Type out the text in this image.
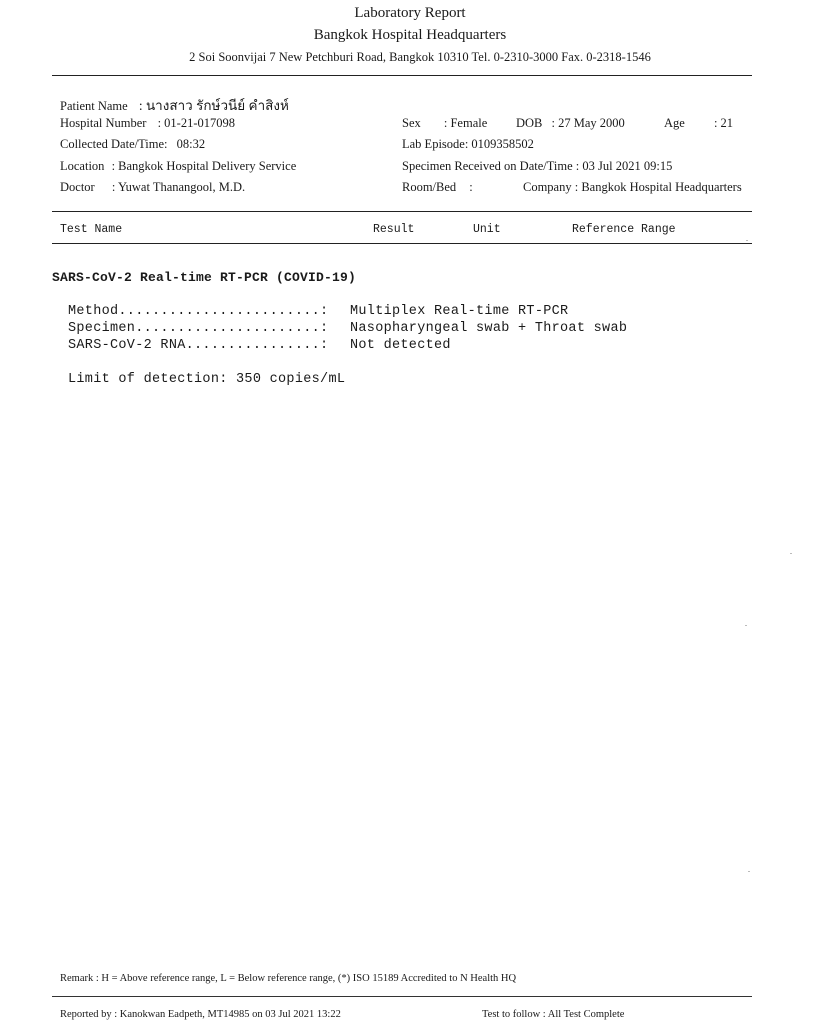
Laboratory Report
Bangkok Hospital Headquarters
2 Soi Soonvijai 7 New Petchburi Road, Bangkok 10310 Tel. 0-2310-3000 Fax. 0-2318-1546
Patient Name : นางสาว รักษ์วนีย์ คำสิงห์
Hospital Number : 01-21-017098
Collected Date/Time: 08:32
Location : Bangkok Hospital Delivery Service
Doctor : Yuwat Thanangool, M.D.
Sex : Female DOB : 27 May 2000	Age : 21
Lab Episode: 0109358502
Specimen Received on Date/Time : 03 Jul 2021 09:15
Room/Bed :	Company : Bangkok Hospital Headquarters
Test Name	Result	Unit	Reference Range
SARS-CoV-2 Real-time RT-PCR (COVID-19)
Method........................: Multiplex Real-time RT-PCR
Specimen......................: Nasopharyngeal swab + Throat swab
SARS-CoV-2 RNA................: Not detected
Limit of detection: 350 copies/mL
Remark : H = Above reference range, L = Below reference range, (*) ISO 15189 Accredited to N Health HQ
Reported by : Kanokwan Eadpeth, MT14985 on 03 Jul 2021 13:22	Test to follow : All Test Complete
